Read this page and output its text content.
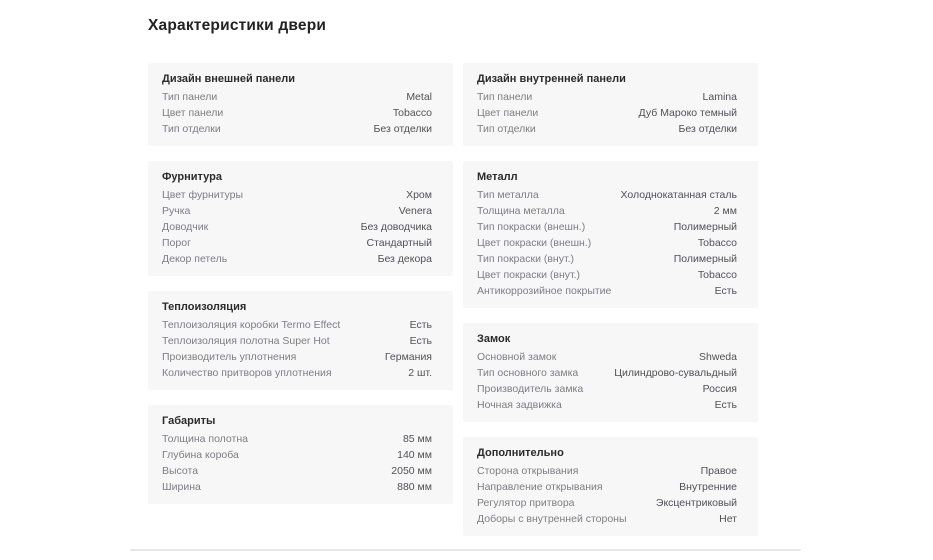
Характеристики двери
Дизайн внешней панели
Тип панели	Metal
Цвет панели	Tobacco
Тип отделки	Без отделки
Фурнитура
Цвет фурнитуры	Хром
Ручка	Venera
Доводчик	Без доводчика
Порог	Стандартный
Декор петель	Без декора
Теплоизоляция
Теплоизоляция коробки Termo Effect	Есть
Теплоизоляция полотна Super Hot	Есть
Производитель уплотнения	Германия
Количество притворов уплотнения	2 шт.
Габариты
Толщина полотна	85 мм
Глубина короба	140 мм
Высота	2050 мм
Ширина	880 мм
Дизайн внутренней панели
Тип панели	Lamina
Цвет панели	Дуб Мароко темный
Тип отделки	Без отделки
Металл
Тип металла	Холоднокатанная сталь
Толщина металла	2 мм
Тип покраски (внешн.)	Полимерный
Цвет покраски (внешн.)	Tobacco
Тип покраски (внут.)	Полимерный
Цвет покраски (внут.)	Tobacco
Антикоррозийное покрытие	Есть
Замок
Основной замок	Shweda
Тип основного замка	Цилиндрово-сувальдный
Производитель замка	Россия
Ночная задвижка	Есть
Дополнительно
Сторона открывания	Правое
Направление открывания	Внутренние
Регулятор притвора	Эксцентриковый
Доборы с внутренней стороны	Нет
